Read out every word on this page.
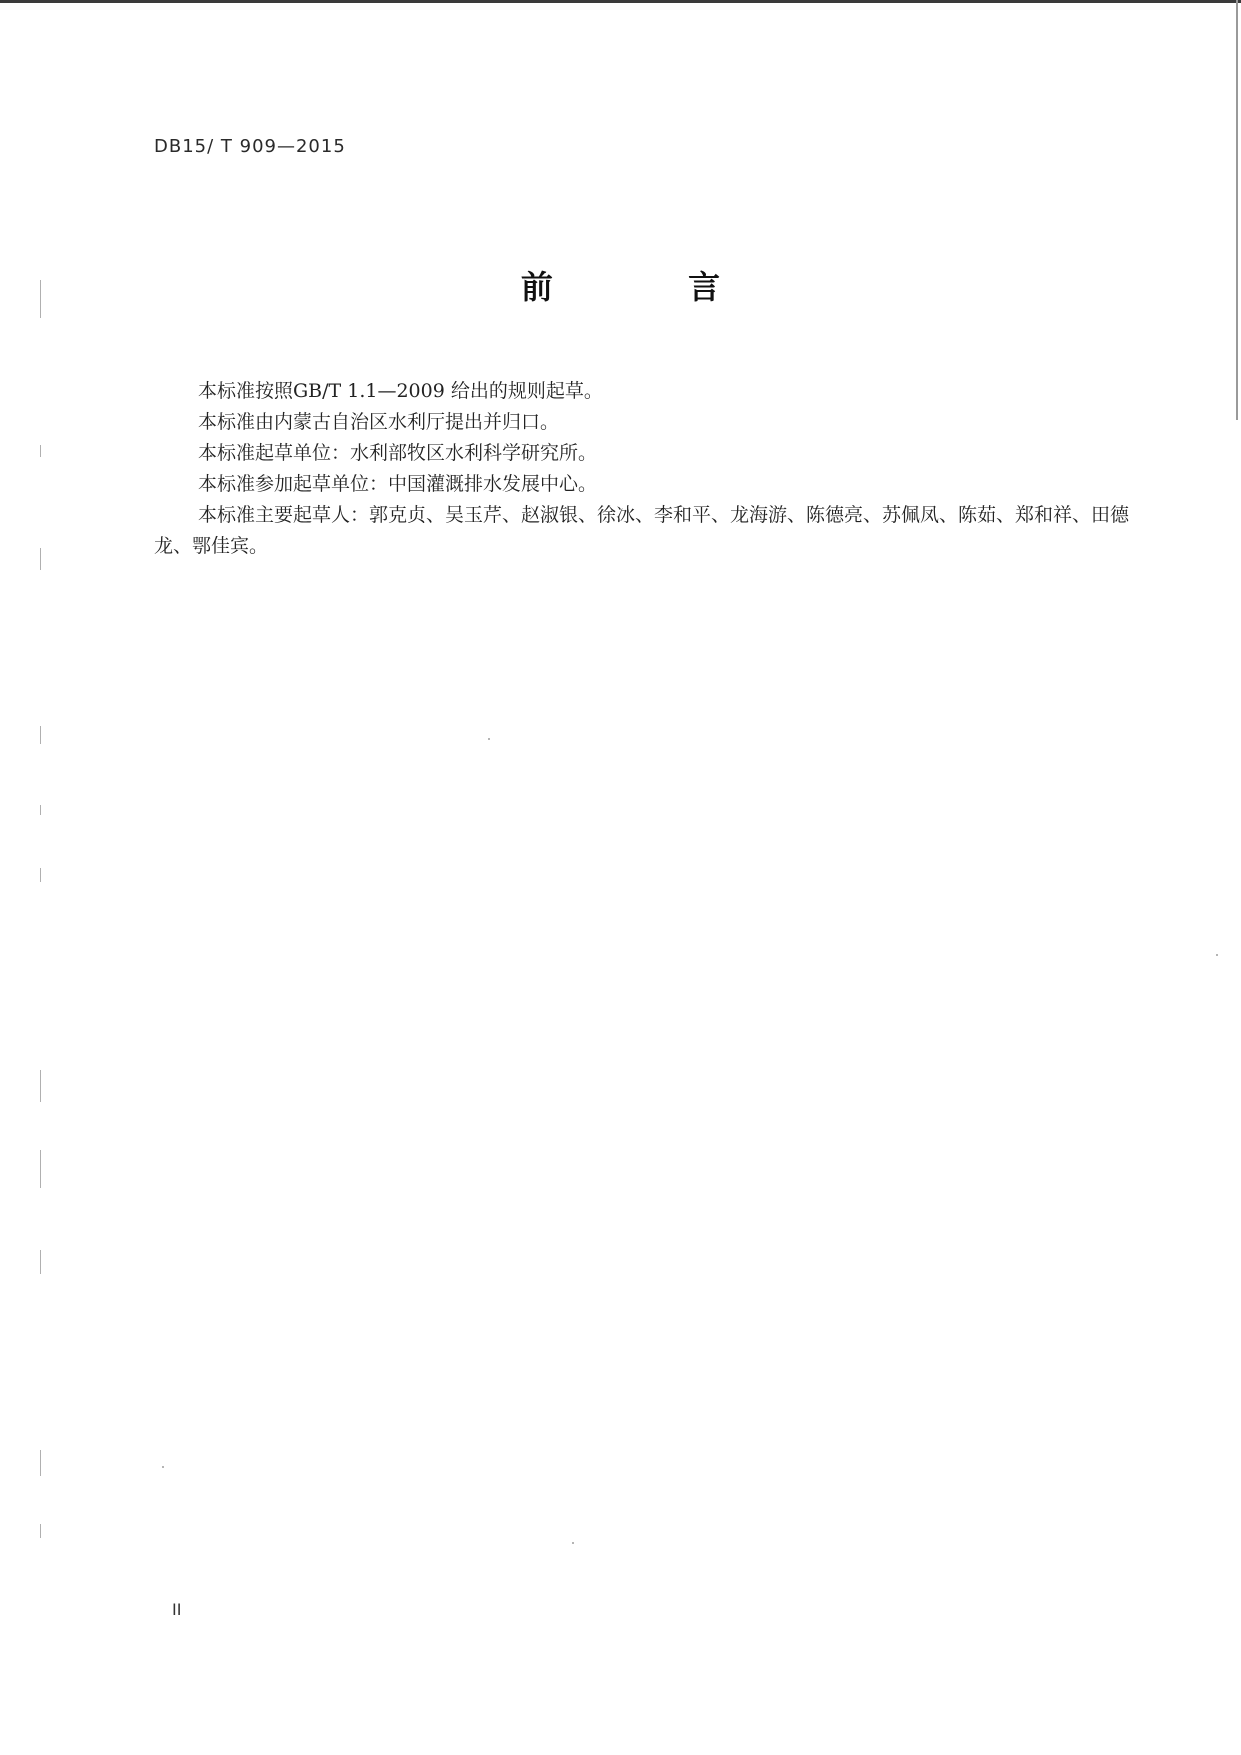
DB15/ T 909—2015
前 言

本标准按照GB/T 1.1—2009 给出的规则起草。

本标准由内蒙古自治区水利厅提出并归口。

本标准起草单位：水利部牧区水利科学研究所。

本标准参加起草单位：中国灌溉排水发展中心。

本标准主要起草人：郭克贞、吴玉芹、赵淑银、徐冰、李和平、龙海游、陈德亮、苏佩凤、陈茹、郑和祥、田德龙、鄂佳宾。

II
